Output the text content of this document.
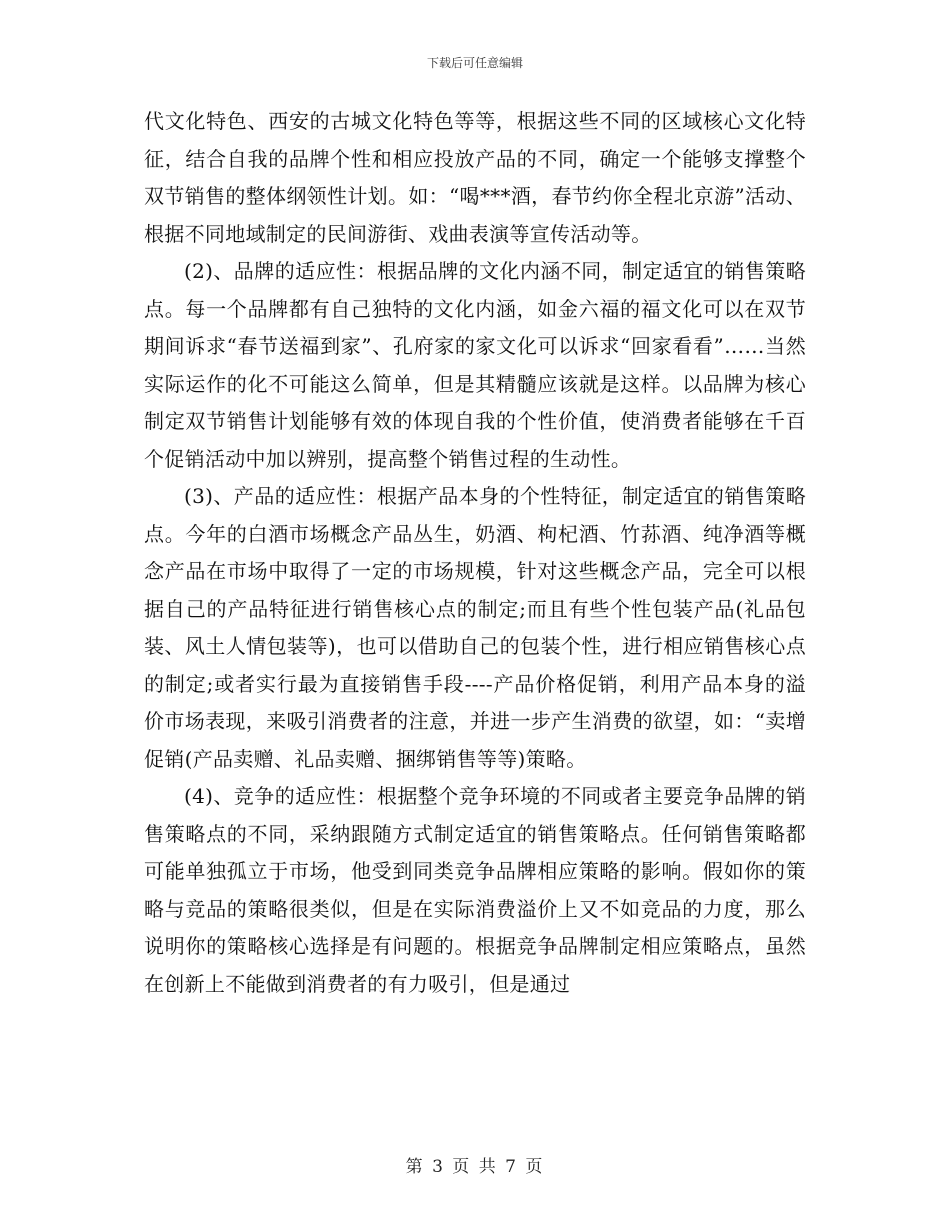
下载后可任意编辑

代文化特色、西安的古城文化特色等等，根据这些不同的区域核心文化特征，结合自我的品牌个性和相应投放产品的不同，确定一个能够支撑整个双节销售的整体纲领性计划。如：“喝***酒，春节约你全程北京游”活动、根据不同地域制定的民间游街、戏曲表演等宣传活动等。

(2)、品牌的适应性：根据品牌的文化内涵不同，制定适宜的销售策略点。每一个品牌都有自己独特的文化内涵，如金六福的福文化可以在双节期间诉求“春节送福到家”、孔府家的家文化可以诉求“回家看看”……当然实际运作的化不可能这么简单，但是其精髓应该就是这样。以品牌为核心制定双节销售计划能够有效的体现自我的个性价值，使消费者能够在千百个促销活动中加以辨别，提高整个销售过程的生动性。

(3)、产品的适应性：根据产品本身的个性特征，制定适宜的销售策略点。今年的白酒市场概念产品丛生，奶酒、枸杞酒、竹荪酒、纯净酒等概念产品在市场中取得了一定的市场规模，针对这些概念产品，完全可以根据自己的产品特征进行销售核心点的制定;而且有些个性包装产品(礼品包装、风土人情包装等)，也可以借助自己的包装个性，进行相应销售核心点的制定;或者实行最为直接销售手段----产品价格促销，利用产品本身的溢价市场表现，来吸引消费者的注意，并进一步产生消费的欲望，如：“卖增促销(产品卖赠、礼品卖赠、捆绑销售等等)策略。

(4)、竞争的适应性：根据整个竞争环境的不同或者主要竞争品牌的销售策略点的不同，采纳跟随方式制定适宜的销售策略点。任何销售策略都可能单独孤立于市场，他受到同类竞争品牌相应策略的影响。假如你的策略与竞品的策略很类似，但是在实际消费溢价上又不如竞品的力度，那么说明你的策略核心选择是有问题的。根据竞争品牌制定相应策略点，虽然在创新上不能做到消费者的有力吸引，但是通过

第 3 页 共 7 页
